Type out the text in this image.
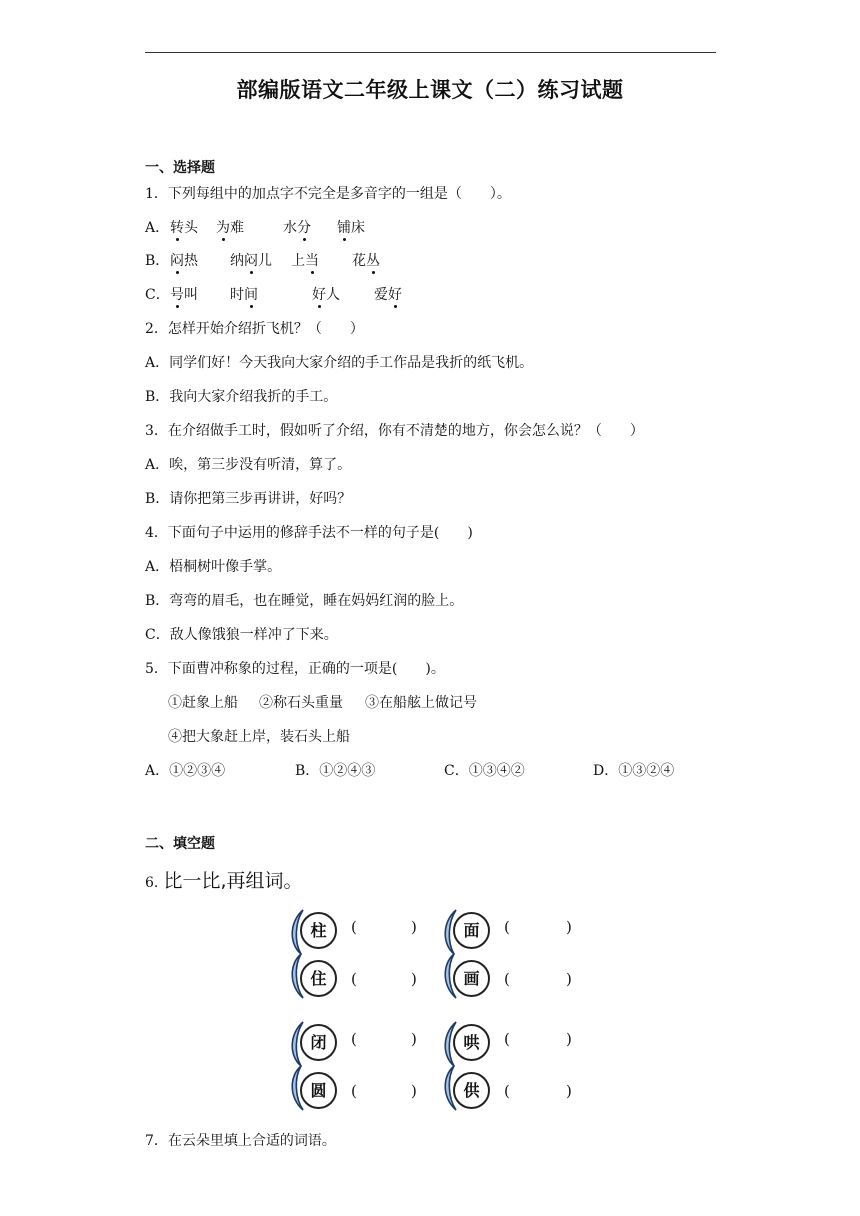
部编版语文二年级上课文（二）练习试题
一、选择题
1．下列每组中的加点字不完全是多音字的一组是（　　）。
A． 转头 为难	水分 铺床
B． 闷热 纳闷儿 上当 花丛
C． 号叫 时间	好人 爱好
2．怎样开始介绍折飞机？（　　）
A．同学们好！今天我向大家介绍的手工作品是我折的纸飞机。
B．我向大家介绍我折的手工。
3．在介绍做手工时，假如听了介绍，你有不清楚的地方，你会怎么说？（　　）
A．唉，第三步没有听清，算了。
B．请你把第三步再讲讲，好吗？
4．下面句子中运用的修辞手法不一样的句子是(　　)
A．梧桐树叶像手掌。
B．弯弯的眉毛，也在睡觉，睡在妈妈红润的脸上。
C．敌人像饿狼一样冲了下来。
5．下面曹冲称象的过程，正确的一项是(　　)。
①赶象上船 ②称石头重量 ③在船舷上做记号
④把大象赶上岸，装石头上船
A．①②③④	B．①②④③	C．①③④②	D．①③②④
二、填空题
6. 比一比,再组词。
柱	(	)
住	(	)
面	(	)
画	(	)
闭	(	)
圆	(	)
哄	(	)
供	(	)
7．在云朵里填上合适的词语。
